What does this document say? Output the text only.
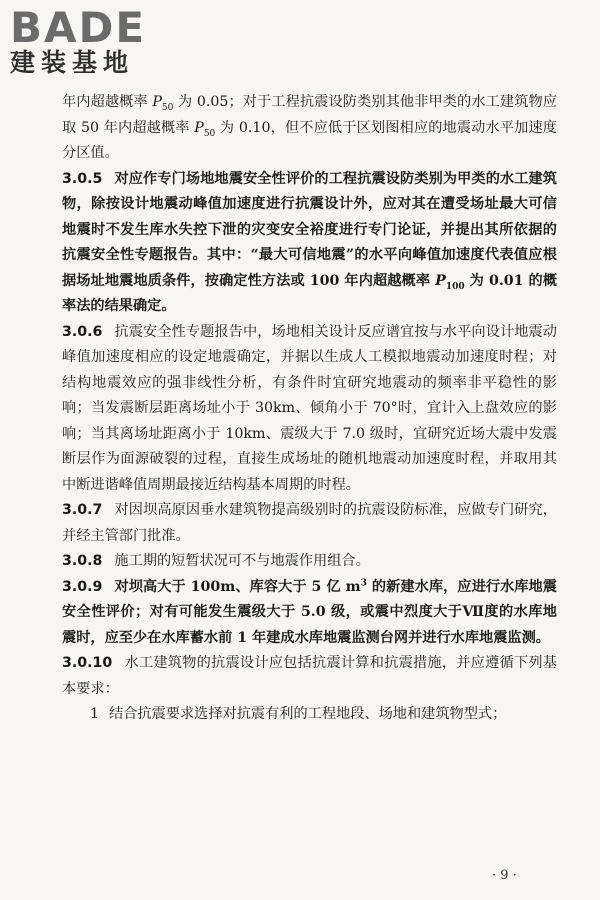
BADE
建装基地

年内超越概率 $P_{50}$ 为 0.05；对于工程抗震设防类别其他非甲类的水工建筑物应取 50 年内超越概率 $P_{50}$ 为 0.10，但不应低于区划图相应的地震动水平加速度分区值。

3.0.5 对应作专门场地地震安全性评价的工程抗震设防类别为甲类的水工建筑物，除按设计地震动峰值加速度进行抗震设计外，应对其在遭受场址最大可信地震时不发生库水失控下泄的灾变安全裕度进行专门论证，并提出其所依据的抗震安全性专题报告。其中：“最大可信地震”的水平向峰值加速度代表值应根据场址地震地质条件，按确定性方法或 100 年内超越概率 $P_{100}$ 为 0.01 的概率法的结果确定。

3.0.6 抗震安全性专题报告中，场地相关设计反应谱宜按与水平向设计地震动峰值加速度相应的设定地震确定，并据以生成人工模拟地震动加速度时程；对结构地震效应的强非线性分析，有条件时宜研究地震动的频率非平稳性的影响；当发震断层距离场址小于 30km、倾角小于 70°时，宜计入上盘效应的影响；当其离场址距离小于 10km、震级大于 7.0 级时，宜研究近场大震中发震断层作为面源破裂的过程，直接生成场址的随机地震动加速度时程，并取用其中断进谐峰值周期最接近结构基本周期的时程。

3.0.7 对因坝高原因垂水建筑物提高级别时的抗震设防标准，应做专门研究，并经主管部门批准。

3.0.8 施工期的短暂状况可不与地震作用组合。

3.0.9 对坝高大于 100m、库容大于 5 亿 $m^3$ 的新建水库，应进行水库地震安全性评价；对有可能发生震级大于 5.0 级，或震中烈度大于Ⅶ度的水库地震时，应至少在水库蓄水前 1 年建成水库地震监测台网并进行水库地震监测。

3.0.10 水工建筑物的抗震设计应包括抗震计算和抗震措施，并应遵循下列基本要求：

1 结合抗震要求选择对抗震有利的工程地段、场地和建筑物型式；

· 9 ·
